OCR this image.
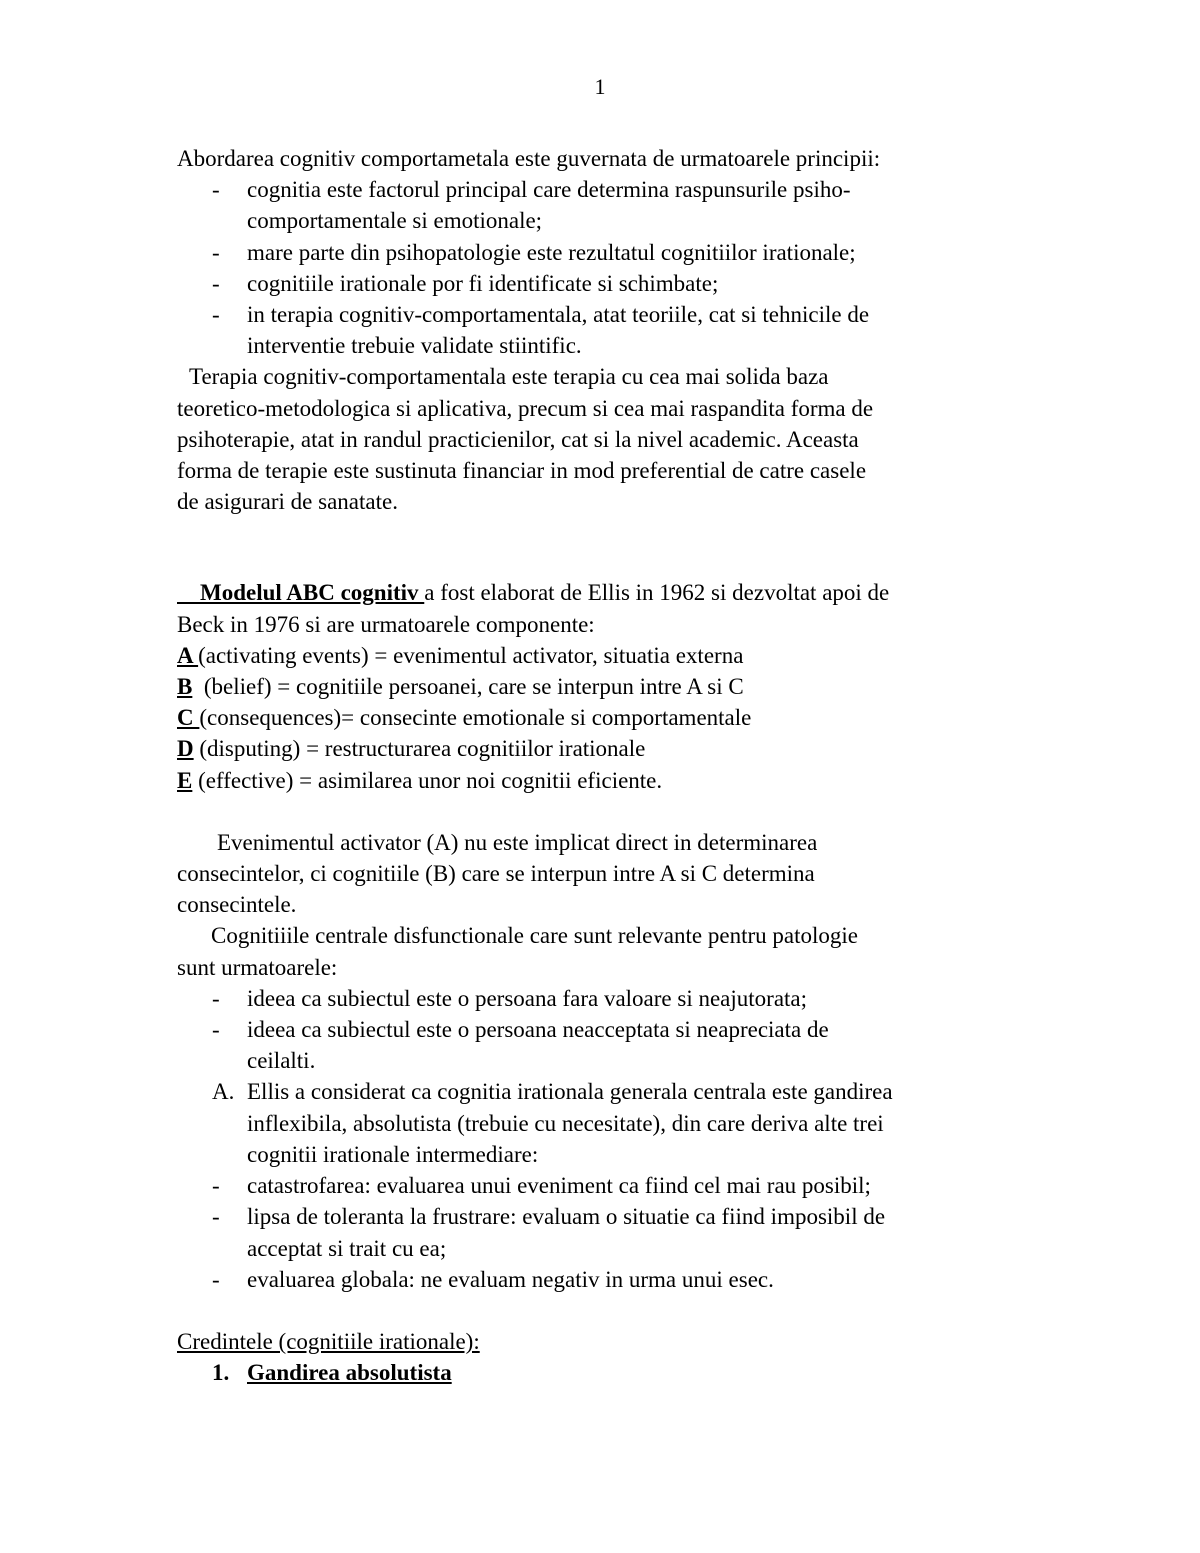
1
Abordarea cognitiv comportametala este guvernata de urmatoarele principii:
- cognitia este factorul principal care determina raspunsurile psiho-
comportamentale si emotionale;
- mare parte din psihopatologie este rezultatul cognitiilor irationale;
- cognitiile irationale por fi identificate si schimbate;
- in terapia cognitiv-comportamentala, atat teoriile, cat si tehnicile de
interventie trebuie validate stiintific.
Terapia cognitiv-comportamentala este terapia cu cea mai solida baza
teoretico-metodologica si aplicativa, precum si cea mai raspandita forma de
psihoterapie, atat in randul practicienilor, cat si la nivel academic. Aceasta
forma de terapie este sustinuta financiar in mod preferential de catre casele
de asigurari de sanatate.
Modelul ABC cognitiv a fost elaborat de Ellis in 1962 si dezvoltat apoi de
Beck in 1976 si are urmatoarele componente:
A (activating events) = evenimentul activator, situatia externa
B  (belief) = cognitiile persoanei, care se interpun intre A si C
C (consequences)= consecinte emotionale si comportamentale
D (disputing) = restructurarea cognitiilor irationale
E (effective) = asimilarea unor noi cognitii eficiente.
Evenimentul activator (A) nu este implicat direct in determinarea
consecintelor, ci cognitiile (B) care se interpun intre A si C determina
consecintele.
Cognitiiile centrale disfunctionale care sunt relevante pentru patologie
sunt urmatoarele:
- ideea ca subiectul este o persoana fara valoare si neajutorata;
- ideea ca subiectul este o persoana neacceptata si neapreciata de
ceilalti.
A. Ellis a considerat ca cognitia irationala generala centrala este gandirea
inflexibila, absolutista (trebuie cu necesitate), din care deriva alte trei
cognitii irationale intermediare:
- catastrofarea: evaluarea unui eveniment ca fiind cel mai rau posibil;
- lipsa de toleranta la frustrare: evaluam o situatie ca fiind imposibil de
acceptat si trait cu ea;
- evaluarea globala: ne evaluam negativ in urma unui esec.
Credintele (cognitiile irationale):
1. Gandirea absolutista
